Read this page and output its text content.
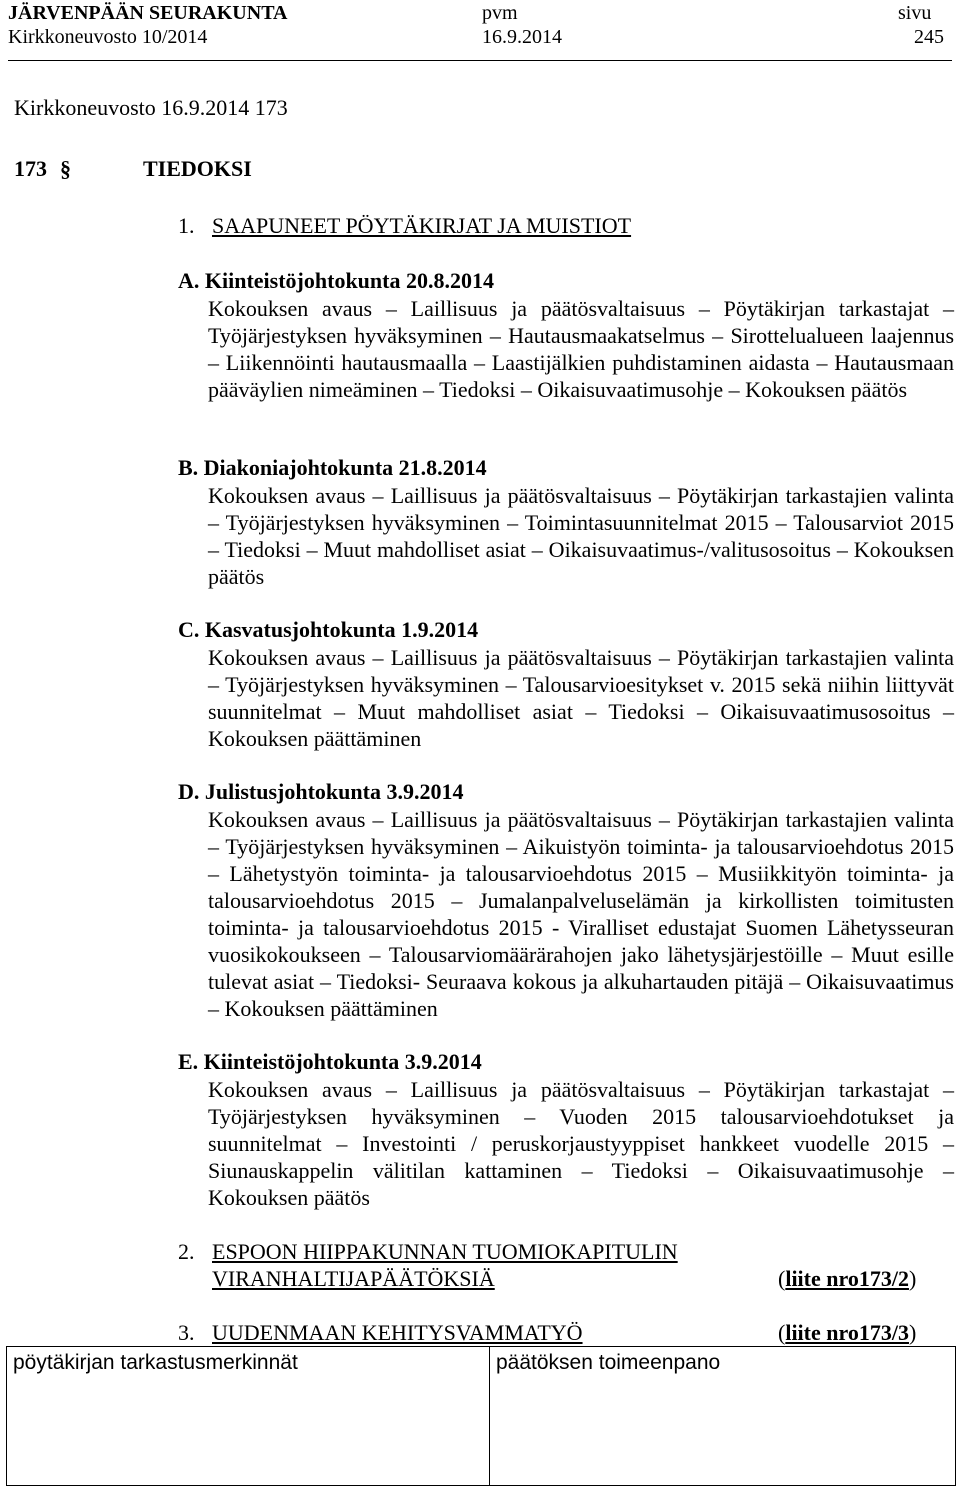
JÄRVENPÄÄN SEURAKUNTA	pvm	sivu
Kirkkoneuvosto 10/2014	16.9.2014	245
Kirkkoneuvosto 16.9.2014 173
173 §	TIEDOKSI
1. SAAPUNEET PÖYTÄKIRJAT JA MUISTIOT
A. Kiinteistöjohtokunta 20.8.2014
Kokouksen avaus – Laillisuus ja päätösvaltaisuus – Pöytäkirjan tarkastajat – Työjärjestyksen hyväksyminen – Hautausmaakatselmus – Sirottelualueen laajennus – Liikennöinti hautausmaalla – Laastijälkien puhdistaminen aidasta – Hautausmaan pääväylien nimeäminen – Tiedoksi – Oikaisuvaatimusohje – Kokouksen päätös
B. Diakoniajohtokunta 21.8.2014
Kokouksen avaus – Laillisuus ja päätösvaltaisuus – Pöytäkirjan tarkastajien valinta – Työjärjestyksen hyväksyminen – Toimintasuunnitelmat 2015 – Talousarviot 2015 – Tiedoksi – Muut mahdolliset asiat – Oikaisuvaatimus-/valitusosoitus – Kokouksen päätös
C. Kasvatusjohtokunta 1.9.2014
Kokouksen avaus – Laillisuus ja päätösvaltaisuus – Pöytäkirjan tarkastajien valinta – Työjärjestyksen hyväksyminen – Talousarvioesitykset v. 2015 sekä niihin liittyvät suunnitelmat – Muut mahdolliset asiat – Tiedoksi – Oikaisuvaatimusosoitus – Kokouksen päättäminen
D. Julistusjohtokunta 3.9.2014
Kokouksen avaus – Laillisuus ja päätösvaltaisuus – Pöytäkirjan tarkastajien valinta – Työjärjestyksen hyväksyminen – Aikuistyön toiminta- ja talousarvioehdotus 2015 – Lähetystyön toiminta- ja talousarvioehdotus 2015 – Musiikkityön toiminta- ja talousarvioehdotus 2015 – Jumalanpalveluselämän ja kirkollisten toimitusten toiminta- ja talousarvioehdotus 2015 - Viralliset edustajat Suomen Lähetysseuran vuosikokoukseen – Talousarviomäärärahojen jako lähetysjärjestöille – Muut esille tulevat asiat – Tiedoksi- Seuraava kokous ja alkuhartauden pitäjä – Oikaisuvaatimus – Kokouksen päättäminen
E. Kiinteistöjohtokunta 3.9.2014
Kokouksen avaus – Laillisuus ja päätösvaltaisuus – Pöytäkirjan tarkastajat – Työjärjestyksen hyväksyminen – Vuoden 2015 talousarvioehdotukset ja suunnitelmat – Investointi / peruskorjaustyyppiset hankkeet vuodelle 2015 – Siunauskappelin välitilan kattaminen – Tiedoksi – Oikaisuvaatimusohje – Kokouksen päätös
2. ESPOON HIIPPAKUNNAN TUOMIOKAPITULIN
VIRANHALTIJAPÄÄTÖKSIÄ	(liite nro173/2)
3. UUDENMAAN KEHITYSVAMMATYÖ	(liite nro173/3)
pöytäkirjan tarkastusmerkinnät	päätöksen toimeenpano
